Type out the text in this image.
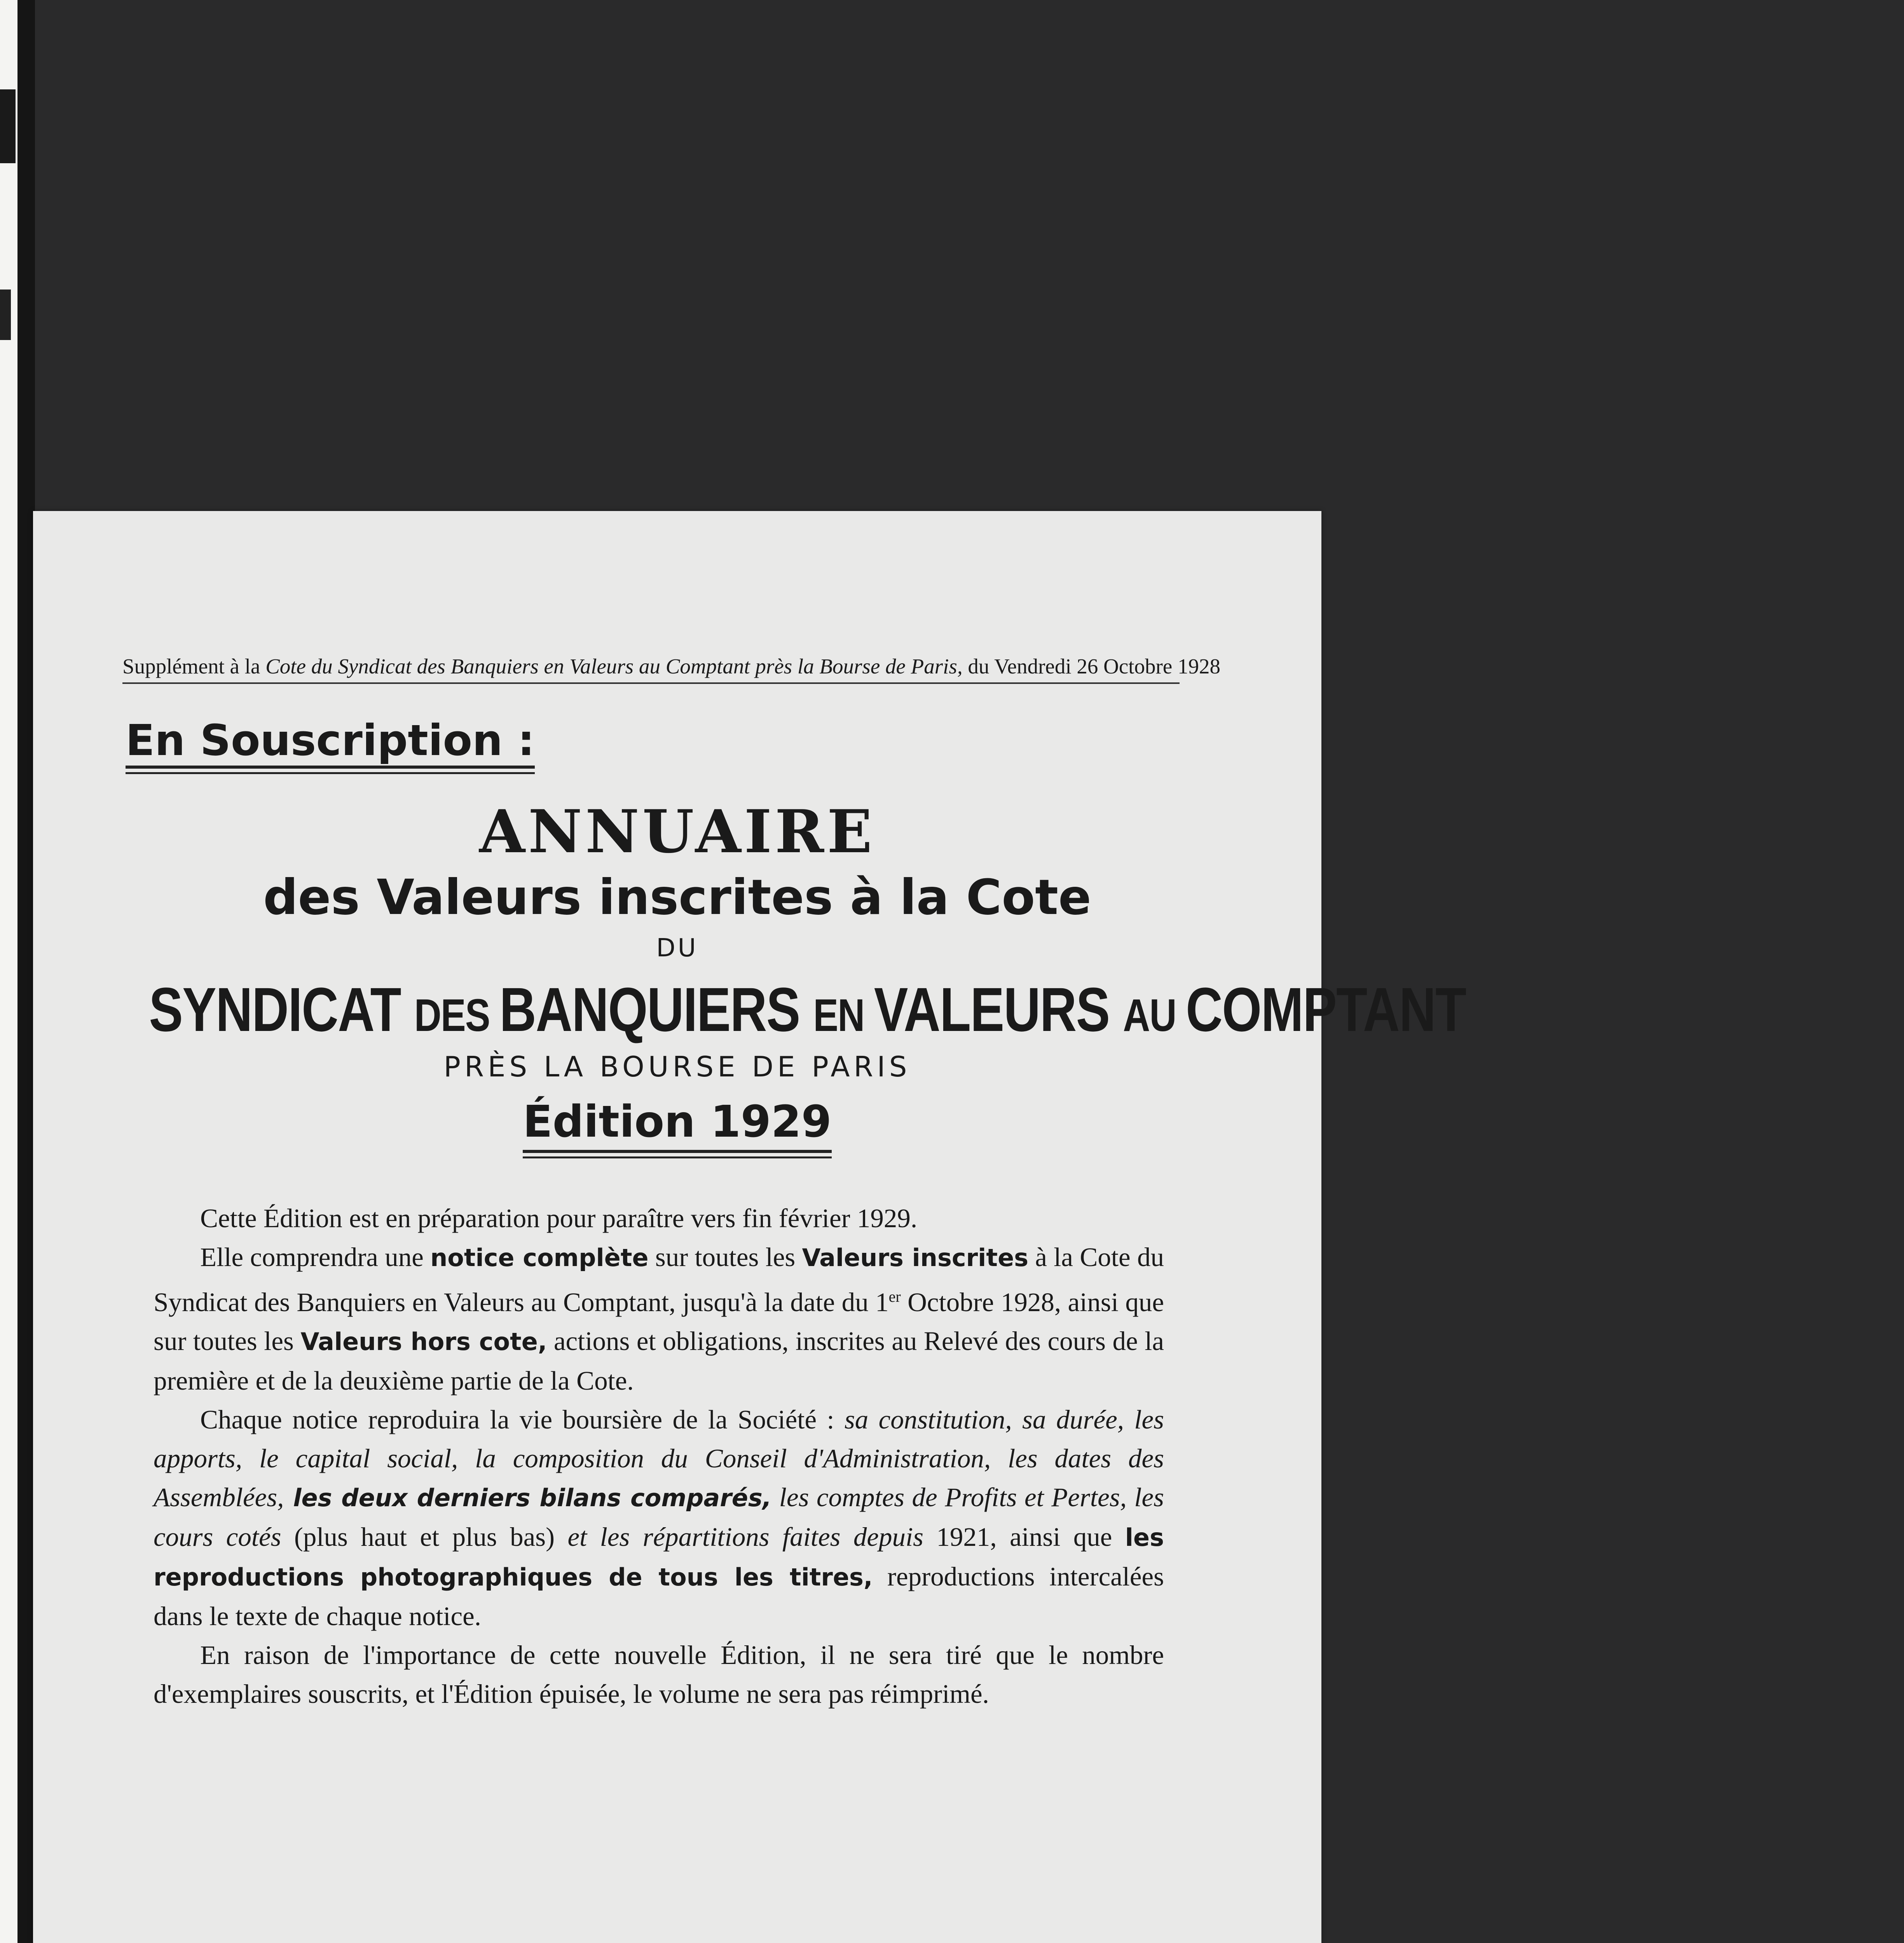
Supplément à la Cote du Syndicat des Banquiers en Valeurs au Comptant près la Bourse de Paris, du Vendredi 26 Octobre 1928
En Souscription :
ANNUAIRE
des Valeurs inscrites à la Cote
DU
SYNDICAT DES BANQUIERS EN VALEURS AU COMPTANT
PRÈS LA BOURSE DE PARIS
Édition 1929

Cette Édition est en préparation pour paraître vers fin février 1929.

Elle comprendra une notice complète sur toutes les Valeurs inscrites à la Cote du Syndicat des Banquiers en Valeurs au Comptant, jusqu'à la date du 1er Octobre 1928, ainsi que sur toutes les Valeurs hors cote, actions et obligations, inscrites au Relevé des cours de la première et de la deuxième partie de la Cote.

Chaque notice reproduira la vie boursière de la Société : sa constitution, sa durée, les apports, le capital social, la composition du Conseil d'Administration, les dates des Assemblées, les deux derniers bilans comparés, les comptes de Profits et Pertes, les cours cotés (plus haut et plus bas) et les répartitions faites depuis 1921, ainsi que les reproductions photographiques de tous les titres, reproductions intercalées dans le texte de chaque notice.

En raison de l'importance de cette nouvelle Édition, il ne sera tiré que le nombre d'exemplaires souscrits, et l'Édition épuisée, le volume ne sera pas réimprimé.
